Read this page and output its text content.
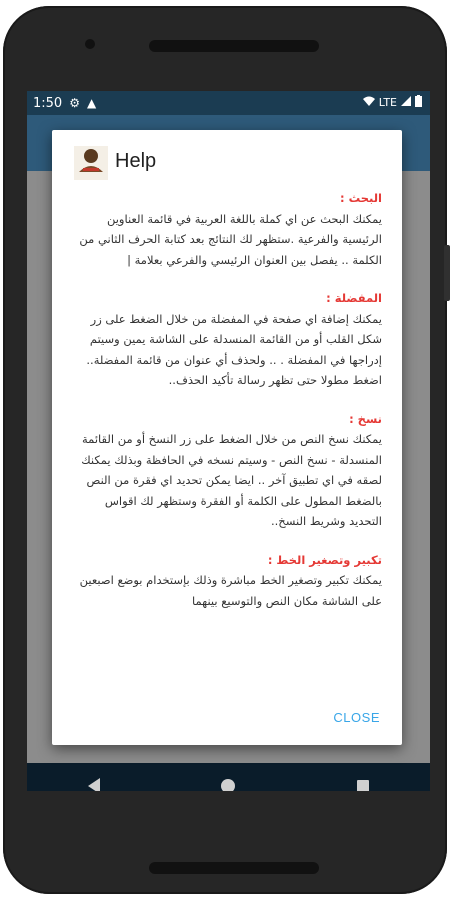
1:50 ⚙ ▲	LTE
Help
البحث :
يمكنك البحث عن اي كملة باللغة العربية في قائمة العناوين الرئيسية والفرعية .ستظهر لك النتائج بعد كتابة الحرف الثاني من الكلمة .. يفصل بين العنوان الرئيسي والفرعي بعلامة |
المفضلة :
يمكنك إضافة اي صفحة في المفضلة من خلال الضغط على زر شكل القلب أو من القائمة المنسدلة على الشاشة يمين وسيتم إدراجها في المفضلة . .. ولحذف أي عنوان من قائمة المفضلة.. اضغط مطولا حتى تظهر رسالة تأكيد الحذف..
نسخ :
يمكنك نسخ النص من خلال الضغط على زر النسخ أو من القائمة المنسدلة - نسخ النص - وسيتم نسخه في الحافظة وبذلك يمكنك لصقه في اي تطبيق آخر .. ايضا يمكن تحديد اي فقرة من النص بالضغط المطول على الكلمة أو الفقرة وستظهر لك اقواس التحديد وشريط النسخ..
تكبير وتصغير الخط :
يمكنك تكبير وتصغير الخط مباشرة وذلك بإستخدام بوضع اصبعين على الشاشة مكان النص والتوسيع بينهما
CLOSE
